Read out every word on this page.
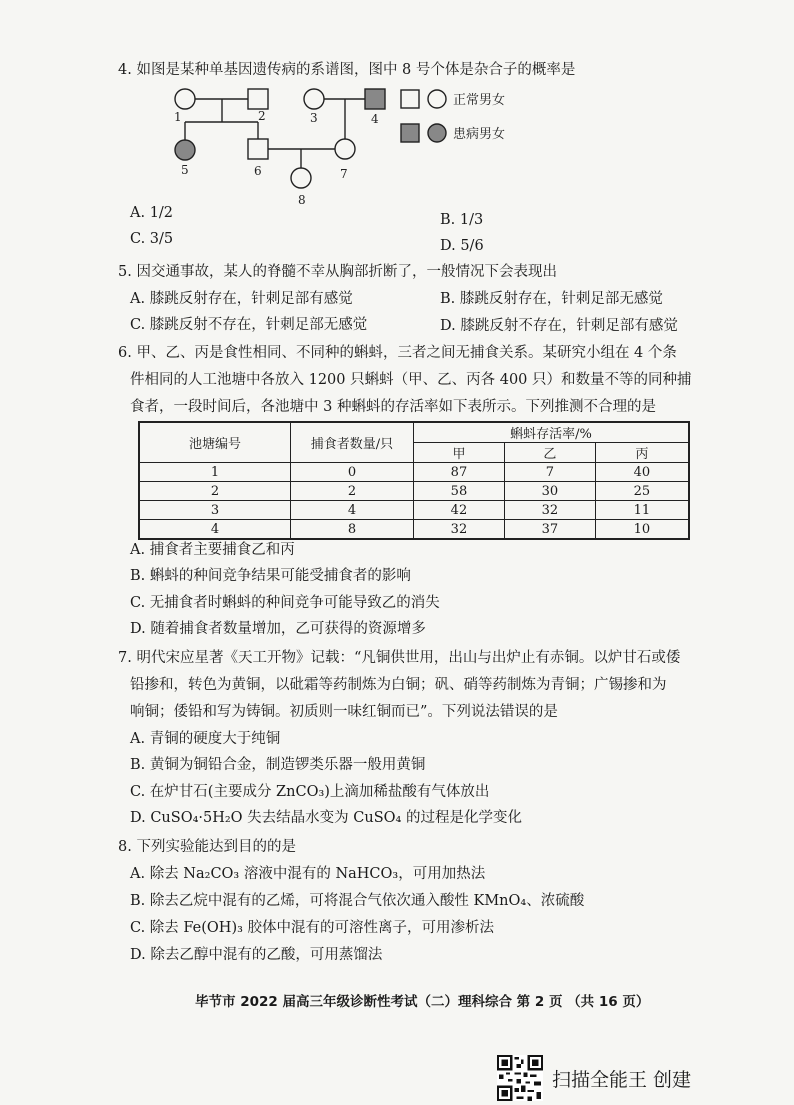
4. 如图是某种单基因遗传病的系谱图，图中 8 号个体是杂合子的概率是
1	2	3	4
5	6	7
8
正常男女
患病男女
A. 1/2	B. 1/3
C. 3/5	D. 5/6
5. 因交通事故，某人的脊髓不幸从胸部折断了，一般情况下会表现出
A. 膝跳反射存在，针刺足部有感觉	B. 膝跳反射存在，针刺足部无感觉
C. 膝跳反射不存在，针刺足部无感觉	D. 膝跳反射不存在，针刺足部有感觉
6. 甲、乙、丙是食性相同、不同种的蝌蚪，三者之间无捕食关系。某研究小组在 4 个条
件相同的人工池塘中各放入 1200 只蝌蚪（甲、乙、丙各 400 只）和数量不等的同种捕
食者，一段时间后，各池塘中 3 种蝌蚪的存活率如下表所示。下列推测不合理的是
池塘编号	捕食者数量/只	蝌蚪存活率/%		
		甲	乙	丙
1	0	87	7	40
2	2	58	30	25
3	4	42	32	11
4	8	32	37	10
A. 捕食者主要捕食乙和丙
B. 蝌蚪的种间竞争结果可能受捕食者的影响
C. 无捕食者时蝌蚪的种间竞争可能导致乙的消失
D. 随着捕食者数量增加，乙可获得的资源增多
7. 明代宋应星著《天工开物》记载：“凡铜供世用，出山与出炉止有赤铜。以炉甘石或倭
铅掺和，转色为黄铜，以砒霜等药制炼为白铜；矾、硝等药制炼为青铜；广锡掺和为
响铜；倭铅和写为铸铜。初质则一味红铜而已”。下列说法错误的是
A. 青铜的硬度大于纯铜
B. 黄铜为铜铅合金，制造锣类乐器一般用黄铜
C. 在炉甘石(主要成分 ZnCO₃)上滴加稀盐酸有气体放出
D. CuSO₄·5H₂O 失去结晶水变为 CuSO₄ 的过程是化学变化
8. 下列实验能达到目的的是
A. 除去 Na₂CO₃ 溶液中混有的 NaHCO₃，可用加热法
B. 除去乙烷中混有的乙烯，可将混合气依次通入酸性 KMnO₄、浓硫酸
C. 除去 Fe(OH)₃ 胶体中混有的可溶性离子，可用渗析法
D. 除去乙醇中混有的乙酸，可用蒸馏法
毕节市 2022 届高三年级诊断性考试（二）理科综合 第 2 页 （共 16 页）
扫描全能王 创建
